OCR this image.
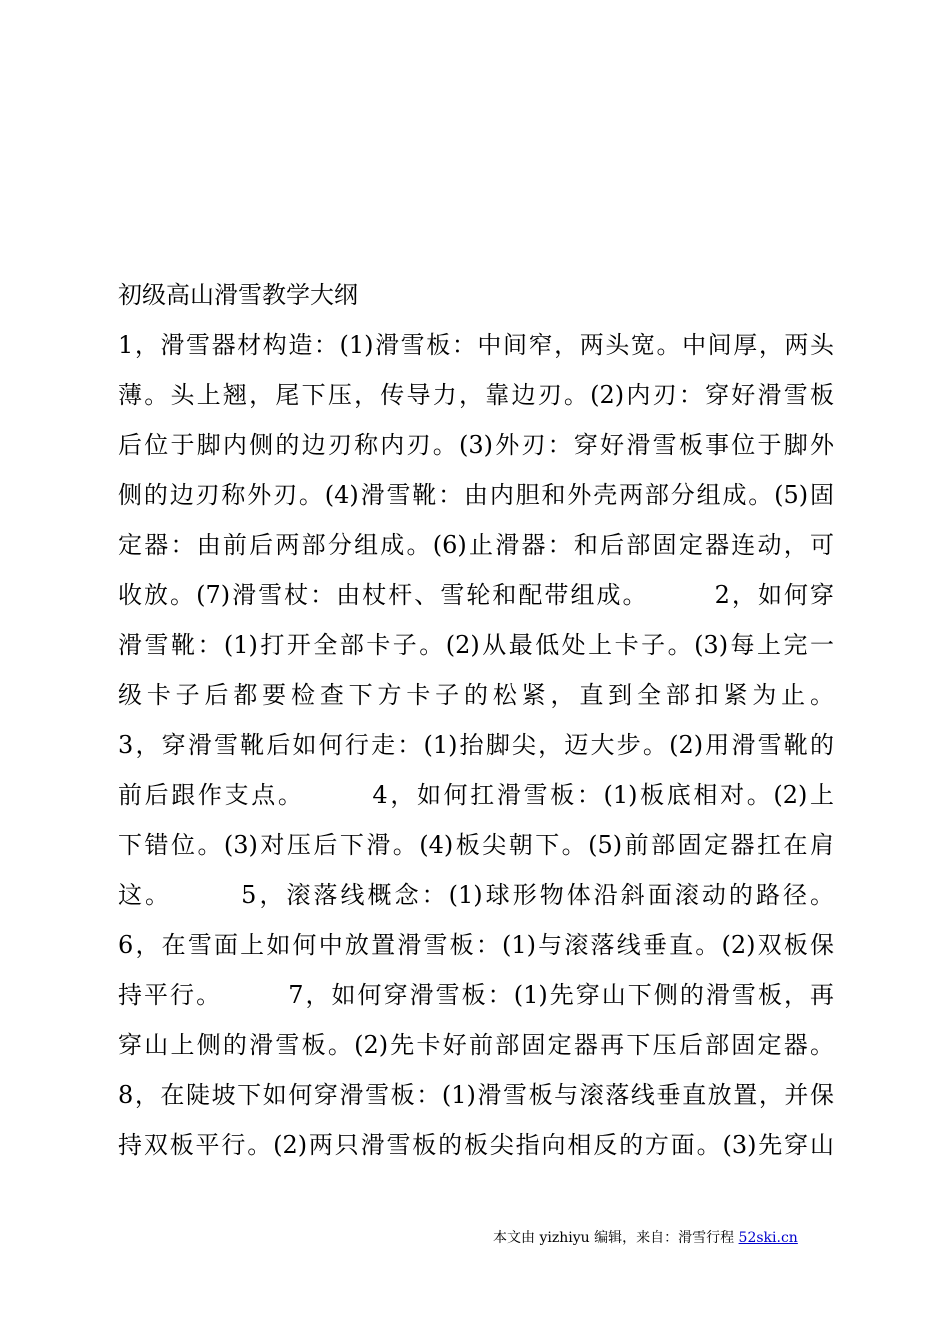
初级高山滑雪教学大纲
1，滑雪器材构造：(1)滑雪板：中间窄，两头宽。中间厚，两头
薄。头上翘，尾下压，传导力，靠边刃。(2)内刃：穿好滑雪板
后位于脚内侧的边刃称内刃。(3)外刃：穿好滑雪板事位于脚外
侧的边刃称外刃。(4)滑雪靴：由内胆和外壳两部分组成。(5)固
定器：由前后两部分组成。(6)止滑器：和后部固定器连动，可
收放。(7)滑雪杖：由杖杆、雪轮和配带组成。　　　2，如何穿
滑雪靴：(1)打开全部卡子。(2)从最低处上卡子。(3)每上完一
级卡子后都要检查下方卡子的松紧，直到全部扣紧为止。
3，穿滑雪靴后如何行走：(1)抬脚尖，迈大步。(2)用滑雪靴的
前后跟作支点。　　　4，如何扛滑雪板：(1)板底相对。(2)上
下错位。(3)对压后下滑。(4)板尖朝下。(5)前部固定器扛在肩
这。　　　5，滚落线概念：(1)球形物体沿斜面滚动的路径。
6，在雪面上如何中放置滑雪板：(1)与滚落线垂直。(2)双板保
持平行。　　　7，如何穿滑雪板：(1)先穿山下侧的滑雪板，再
穿山上侧的滑雪板。(2)先卡好前部固定器再下压后部固定器。
8，在陡坡下如何穿滑雪板：(1)滑雪板与滚落线垂直放置，并保
持双板平行。(2)两只滑雪板的板尖指向相反的方面。(3)先穿山
本文由 yizhiyu 编辑，来自：滑雪行程 52ski.cn
